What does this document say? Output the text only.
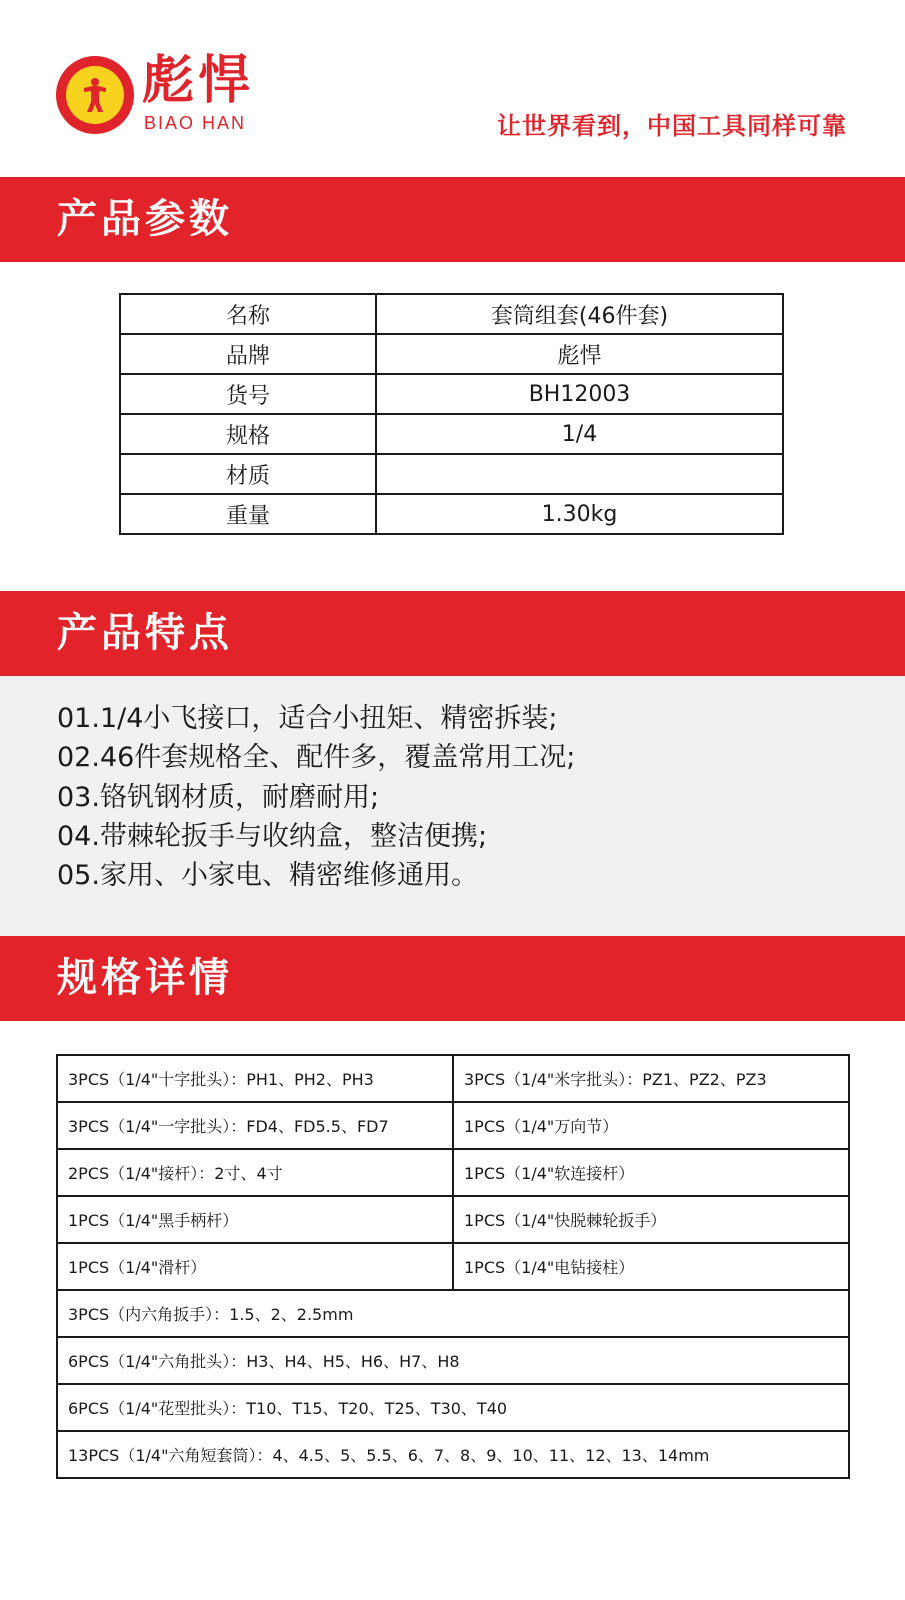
彪悍
BIAO HAN	让世界看到，中国工具同样可靠
产品参数
名称	套筒组套(46件套)
品牌	彪悍
货号	BH12003
规格	1/4
材质	
重量	1.30kg
产品特点
01.1/4小飞接口，适合小扭矩、精密拆装;
02.46件套规格全、配件多，覆盖常用工况;
03.铬钒钢材质，耐磨耐用;
04.带棘轮扳手与收纳盒，整洁便携;
05.家用、小家电、精密维修通用。
规格详情
3PCS（1/4"十字批头）：PH1、PH2、PH3	3PCS（1/4"米字批头）：PZ1、PZ2、PZ3
3PCS（1/4"一字批头）：FD4、FD5.5、FD7	1PCS（1/4"万向节）
2PCS（1/4"接杆）：2寸、4寸	1PCS（1/4"软连接杆）
1PCS（1/4"黑手柄杆）	1PCS（1/4"快脱棘轮扳手）
1PCS（1/4"滑杆）	1PCS（1/4"电钻接柱）
3PCS（内六角扳手）：1.5、2、2.5mm	
6PCS（1/4"六角批头）：H3、H4、H5、H6、H7、H8	
6PCS（1/4"花型批头）：T10、T15、T20、T25、T30、T40	
13PCS（1/4"六角短套筒）：4、4.5、5、5.5、6、7、8、9、10、11、12、13、14mm	
